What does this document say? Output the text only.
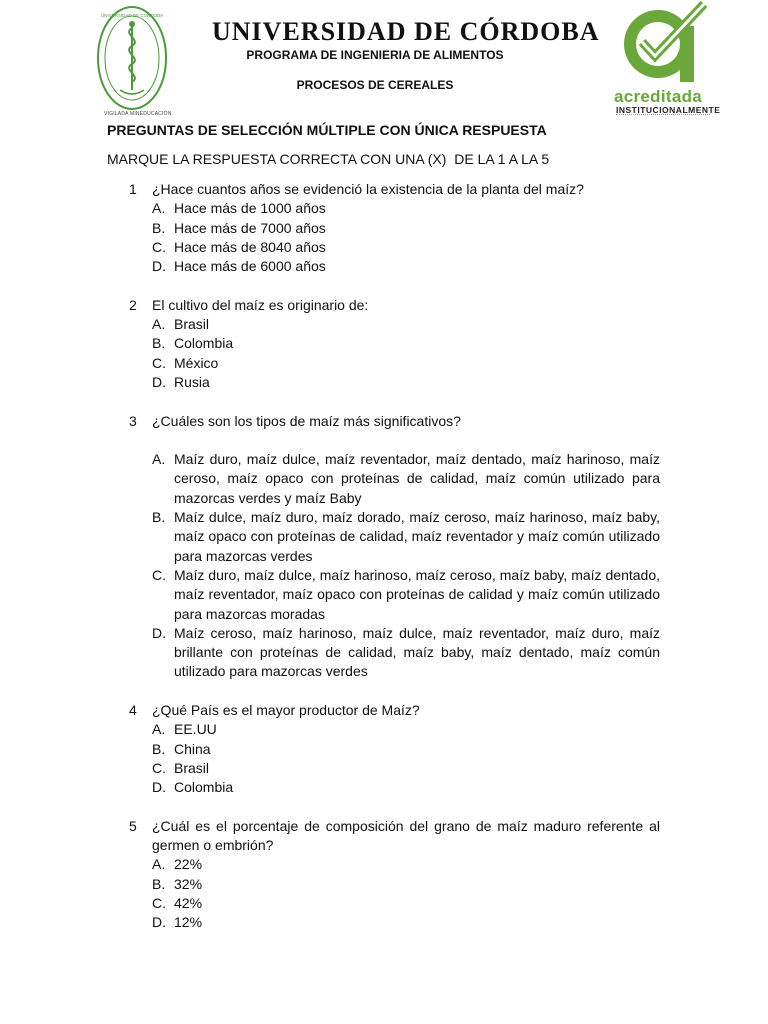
UNIVERSIDAD DE CÓRDOBA
VIGILADA MINEDUCACIÓN
UNIVERSIDAD DE CÓRDOBA
PROGRAMA DE INGENIERIA DE ALIMENTOS
PROCESOS DE CEREALES
acreditada
INSTITUCIONALMENTE
PREGUNTAS DE SELECCIÓN MÚLTIPLE CON ÚNICA RESPUESTA
MARQUE LA RESPUESTA CORRECTA CON UNA (X)  DE LA 1 A LA 5
1 ¿Hace cuantos años se evidenció la existencia de la planta del maíz?
A. Hace más de 1000 años
B. Hace más de 7000 años
C. Hace más de 8040 años
D. Hace más de 6000 años
2 El cultivo del maíz es originario de:
A. Brasil
B. Colombia
C. México
D. Rusia
3 ¿Cuáles son los tipos de maíz más significativos?
A. Maíz duro, maíz dulce, maíz reventador, maíz dentado, maíz harinoso, maíz ceroso, maíz opaco con proteínas de calidad, maíz común utilizado para mazorcas verdes y maíz Baby
B. Maíz dulce, maíz duro, maíz dorado, maíz ceroso, maíz harinoso, maíz baby, maíz opaco con proteínas de calidad, maíz reventador y maíz común utilizado para mazorcas verdes
C. Maíz duro, maíz dulce, maíz harinoso, maíz ceroso, maíz baby, maíz dentado, maíz reventador, maíz opaco con proteínas de calidad y maíz común utilizado para mazorcas moradas
D. Maíz ceroso, maíz harinoso, maíz dulce, maíz reventador, maíz duro, maíz brillante con proteínas de calidad, maíz baby, maíz dentado, maíz común utilizado para mazorcas verdes
4 ¿Qué País es el mayor productor de Maíz?
A. EE.UU
B. China
C. Brasil
D. Colombia
5 ¿Cuál es el porcentaje de composición del grano de maíz maduro referente al germen o embrión?
A. 22%
B. 32%
C. 42%
D. 12%
